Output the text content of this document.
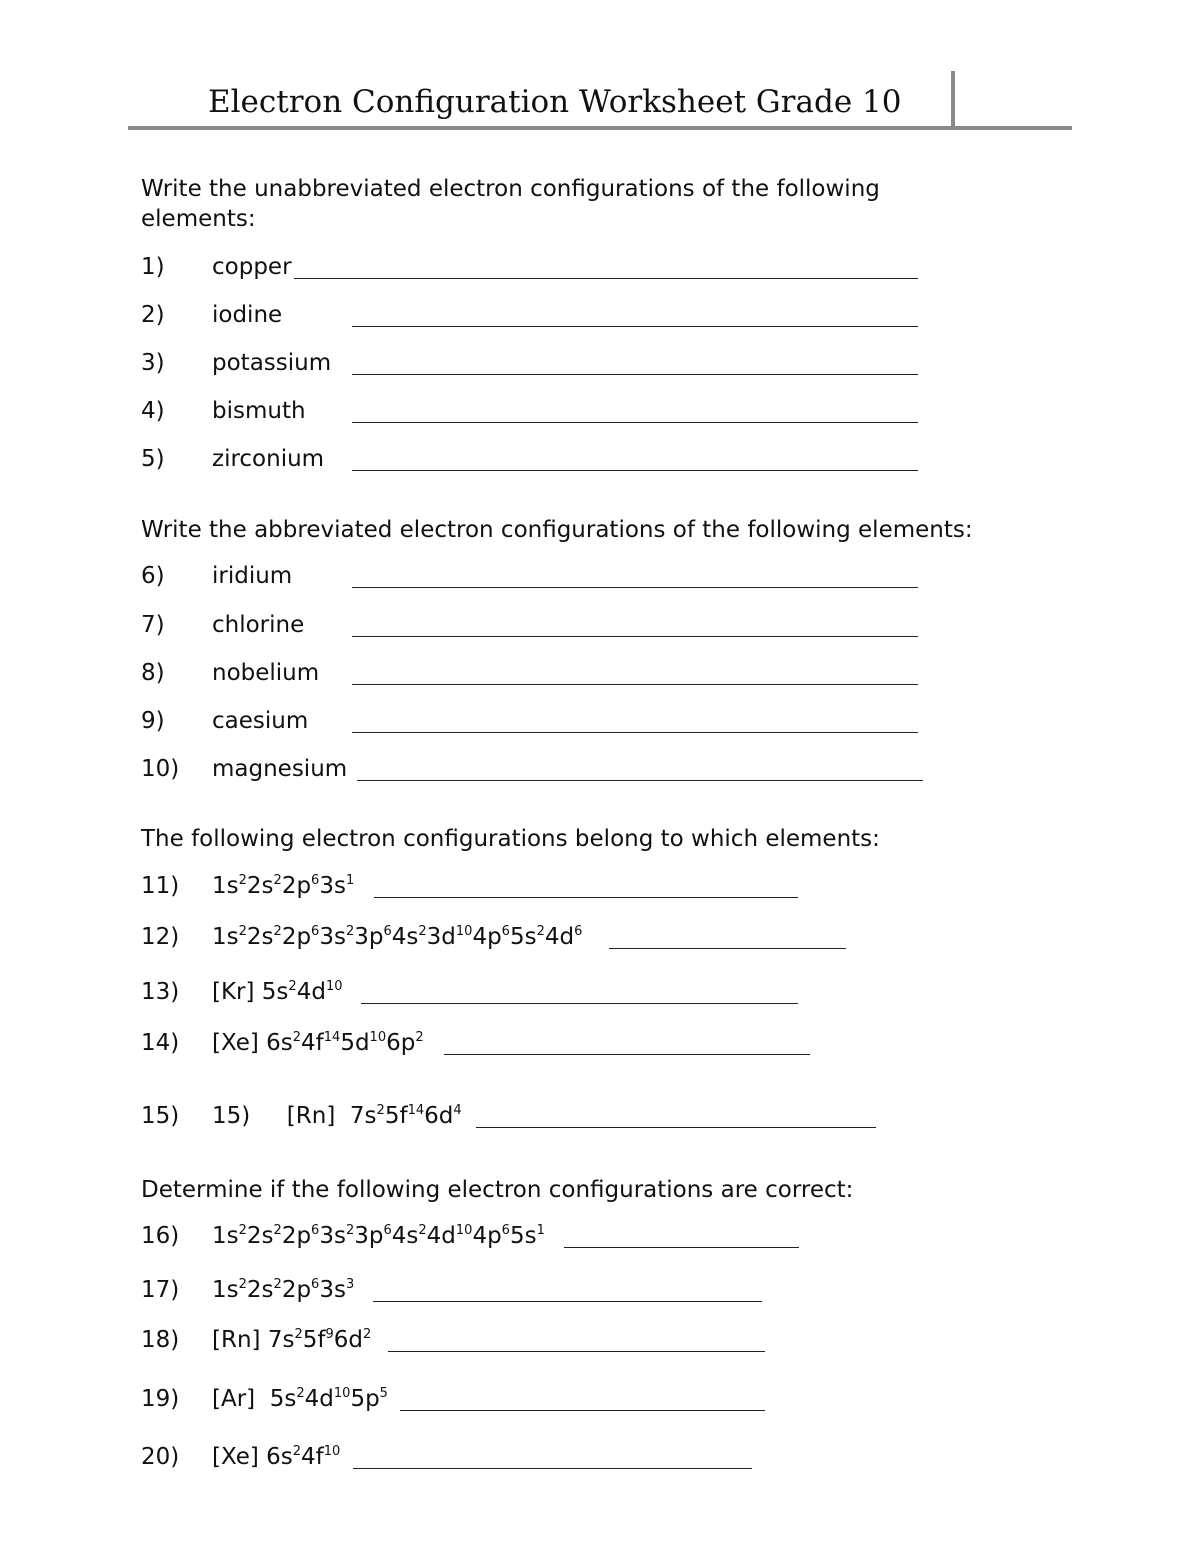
Electron Configuration Worksheet Grade 10
Write the unabbreviated electron configurations of the following
elements:
1) copper
2) iodine
3) potassium
4) bismuth
5) zirconium
Write the abbreviated electron configurations of the following elements:
6) iridium
7) chlorine
8) nobelium
9) caesium
10) magnesium
The following electron configurations belong to which elements:
11) $1s^22s^22p^63s^1$
12) $1s^22s^22p^63s^23p^64s^23d^{10}4p^65s^24d^6$
13) [Kr] $5s^24d^{10}$
14) [Xe] $6s^24f^{14}5d^{10}6p^2$
15) 15)     [Rn]  $7s^25f^{14}6d^4$
Determine if the following electron configurations are correct:
16) $1s^22s^22p^63s^23p^64s^24d^{10}4p^65s^1$
17) $1s^22s^22p^63s^3$
18) [Rn] $7s^25f^96d^2$
19) [Ar]  $5s^24d^{10}5p^5$
20) [Xe] $6s^24f^{10}$
